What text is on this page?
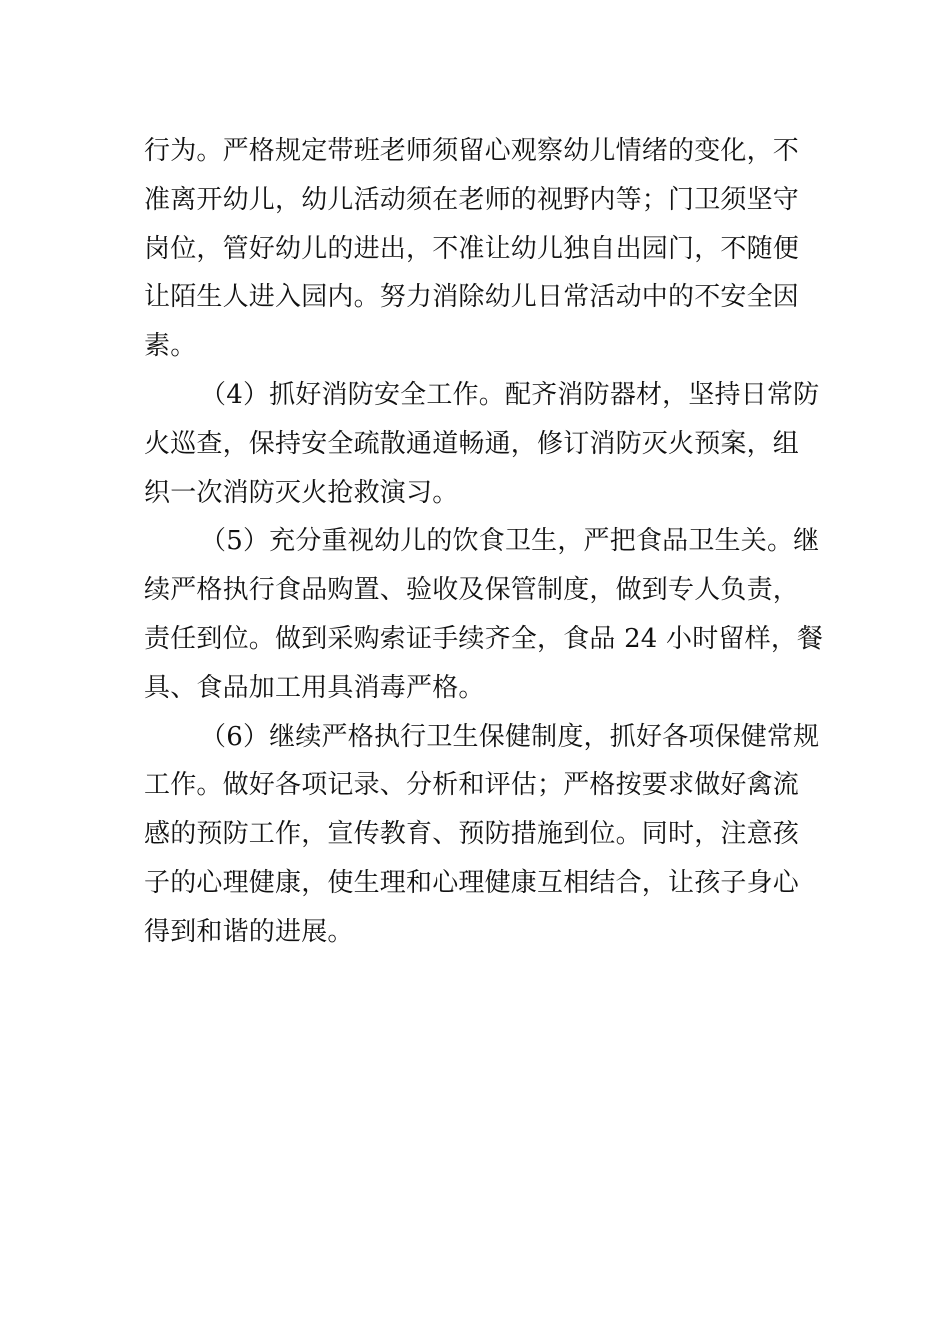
行为。严格规定带班老师须留心观察幼儿情绪的变化，不
准离开幼儿，幼儿活动须在老师的视野内等；门卫须坚守
岗位，管好幼儿的进出，不准让幼儿独自出园门，不随便
让陌生人进入园内。努力消除幼儿日常活动中的不安全因
素。
（4）抓好消防安全工作。配齐消防器材，坚持日常防
火巡查，保持安全疏散通道畅通，修订消防灭火预案，组
织一次消防灭火抢救演习。
（5）充分重视幼儿的饮食卫生，严把食品卫生关。继
续严格执行食品购置、验收及保管制度，做到专人负责，
责任到位。做到采购索证手续齐全，食品 24 小时留样，餐
具、食品加工用具消毒严格。
（6）继续严格执行卫生保健制度，抓好各项保健常规
工作。做好各项记录、分析和评估；严格按要求做好禽流
感的预防工作，宣传教育、预防措施到位。同时，注意孩
子的心理健康，使生理和心理健康互相结合，让孩子身心
得到和谐的进展。
